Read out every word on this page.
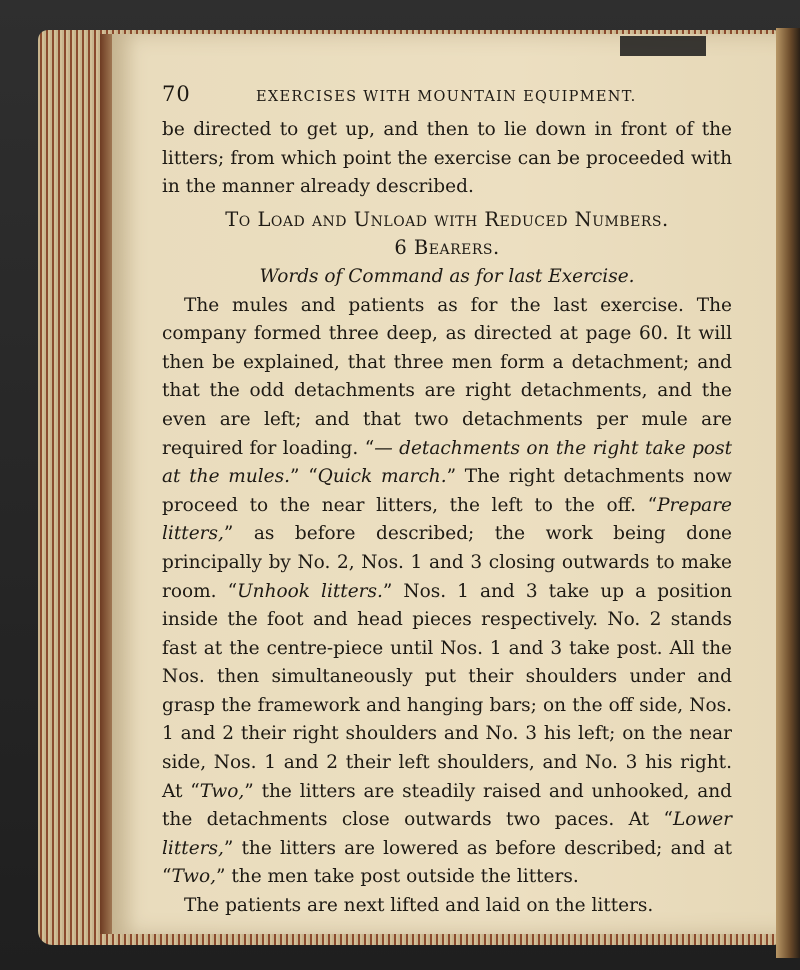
70	EXERCISES WITH MOUNTAIN EQUIPMENT.

be directed to get up, and then to lie down in front of the litters; from which point the exercise can be proceeded with in the manner already described.

To Load and Unload with Reduced Numbers.

6 Bearers.

Words of Command as for last Exercise.

The mules and patients as for the last exercise. The company formed three deep, as directed at page 60. It will then be explained, that three men form a detachment; and that the odd detachments are right detachments, and the even are left; and that two detachments per mule are required for loading. “— detachments on the right take post at the mules.” “Quick march.” The right detachments now proceed to the near litters, the left to the off. “Prepare litters,” as before described; the work being done principally by No. 2, Nos. 1 and 3 closing outwards to make room. “Unhook litters.” Nos. 1 and 3 take up a position inside the foot and head pieces respectively. No. 2 stands fast at the centre-piece until Nos. 1 and 3 take post. All the Nos. then simultaneously put their shoulders under and grasp the framework and hanging bars; on the off side, Nos. 1 and 2 their right shoulders and No. 3 his left; on the near side, Nos. 1 and 2 their left shoulders, and No. 3 his right. At “Two,” the litters are steadily raised and unhooked, and the detachments close outwards two paces. At “Lower litters,” the litters are lowered as before described; and at “Two,” the men take post outside the litters.

The patients are next lifted and laid on the litters.
